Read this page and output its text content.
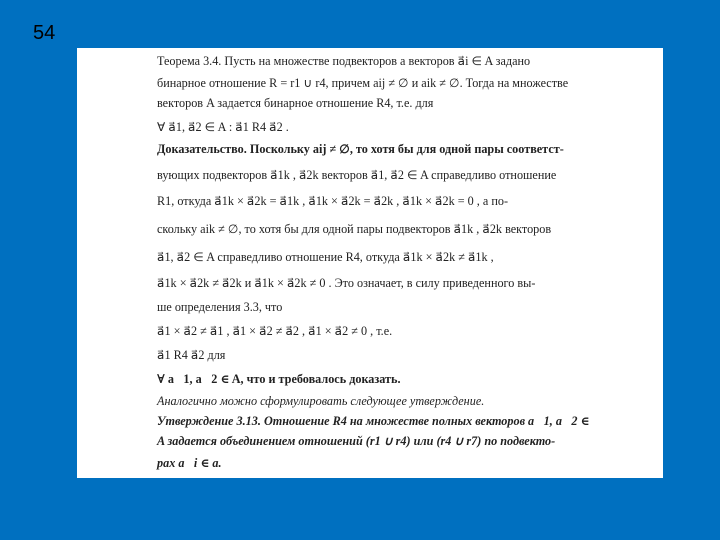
54
Теорема 3.4. Пусть на множестве подвекторов a векторов a⃗i ∈ A задано
бинарное отношение R = r1 ∪ r4, причем aij ≠ ∅ и aik ≠ ∅. Тогда на множестве
векторов A задается бинарное отношение R4, т.е. для
∀ a⃗1, a⃗2 ∈ A : a⃗1 R4 a⃗2 .
Доказательство. Поскольку aij ≠ ∅, то хотя бы для одной пары соответст-
вующих подвекторов a⃗1k , a⃗2k векторов a⃗1, a⃗2 ∈ A справедливо отношение
R1, откуда a⃗1k × a⃗2k = a⃗1k , a⃗1k × a⃗2k = a⃗2k , a⃗1k × a⃗2k = 0 , а по-
скольку aik ≠ ∅, то хотя бы для одной пары подвекторов a⃗1k , a⃗2k векторов
a⃗1, a⃗2 ∈ A справедливо отношение R4, откуда a⃗1k × a⃗2k ≠ a⃗1k ,
a⃗1k × a⃗2k ≠ a⃗2k и a⃗1k × a⃗2k ≠ 0 . Это означает, в силу приведенного вы-
ше определения 3.3, что
a⃗1 × a⃗2 ≠ a⃗1 , a⃗1 × a⃗2 ≠ a⃗2 , a⃗1 × a⃗2 ≠ 0 , т.е.
a⃗1 R4 a⃗2 для
∀ a⃗1, a⃗2 ∈ A, что и требовалось доказать.
Аналогично можно сформулировать следующее утверждение.
Утверждение 3.13. Отношение R4 на множестве полных векторов a⃗1, a⃗2 ∈
A задается объединением отношений (r1 ∪ r4) или (r4 ∪ r7) по подвекто-
рах a⃗i ∈ a.
